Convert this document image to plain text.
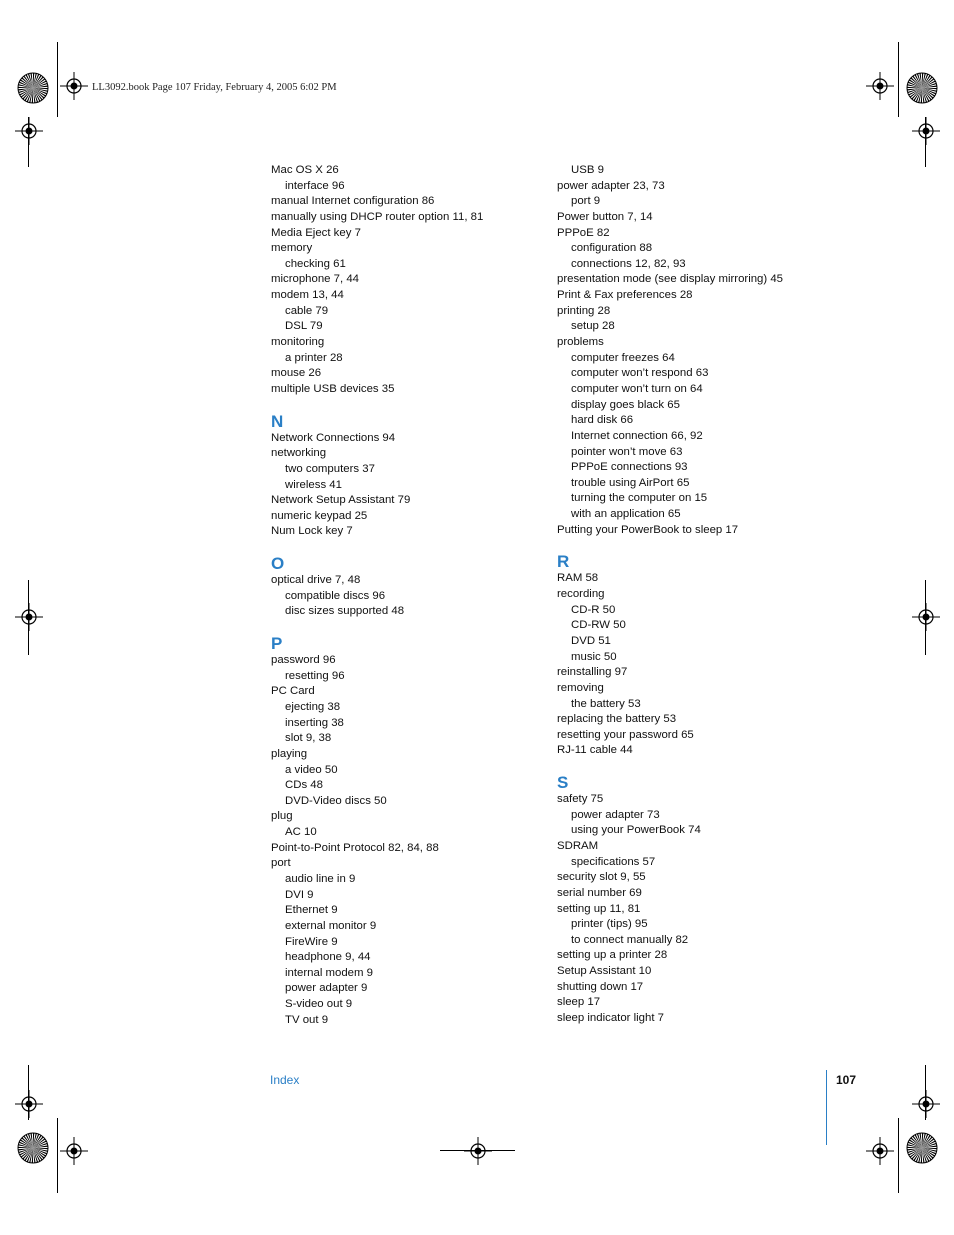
LL3092.book Page 107 Friday, February 4, 2005 6:02 PM
Mac OS X 26
interface 96
manual Internet configuration 86
manually using DHCP router option 11, 81
Media Eject key 7
memory
checking 61
microphone 7, 44
modem 13, 44
cable 79
DSL 79
monitoring
a printer 28
mouse 26
multiple USB devices 35
N
Network Connections 94
networking
two computers 37
wireless 41
Network Setup Assistant 79
numeric keypad 25
Num Lock key 7
O
optical drive 7, 48
compatible discs 96
disc sizes supported 48
P
password 96
resetting 96
PC Card
ejecting 38
inserting 38
slot 9, 38
playing
a video 50
CDs 48
DVD-Video discs 50
plug
AC 10
Point-to-Point Protocol 82, 84, 88
port
audio line in 9
DVI 9
Ethernet 9
external monitor 9
FireWire 9
headphone 9, 44
internal modem 9
power adapter 9
S-video out 9
TV out 9
USB 9
power adapter 23, 73
port 9
Power button 7, 14
PPPoE 82
configuration 88
connections 12, 82, 93
presentation mode (see display mirroring) 45
Print & Fax preferences 28
printing 28
setup 28
problems
computer freezes 64
computer won’t respond 63
computer won’t turn on 64
display goes black 65
hard disk 66
Internet connection 66, 92
pointer won’t move 63
PPPoE connections 93
trouble using AirPort 65
turning the computer on 15
with an application 65
Putting your PowerBook to sleep 17
R
RAM 58
recording
CD-R 50
CD-RW 50
DVD 51
music 50
reinstalling 97
removing
the battery 53
replacing the battery 53
resetting your password 65
RJ-11 cable 44
S
safety 75
power adapter 73
using your PowerBook 74
SDRAM
specifications 57
security slot 9, 55
serial number 69
setting up 11, 81
printer (tips) 95
to connect manually 82
setting up a printer 28
Setup Assistant 10
shutting down 17
sleep 17
sleep indicator light 7
Index	107
